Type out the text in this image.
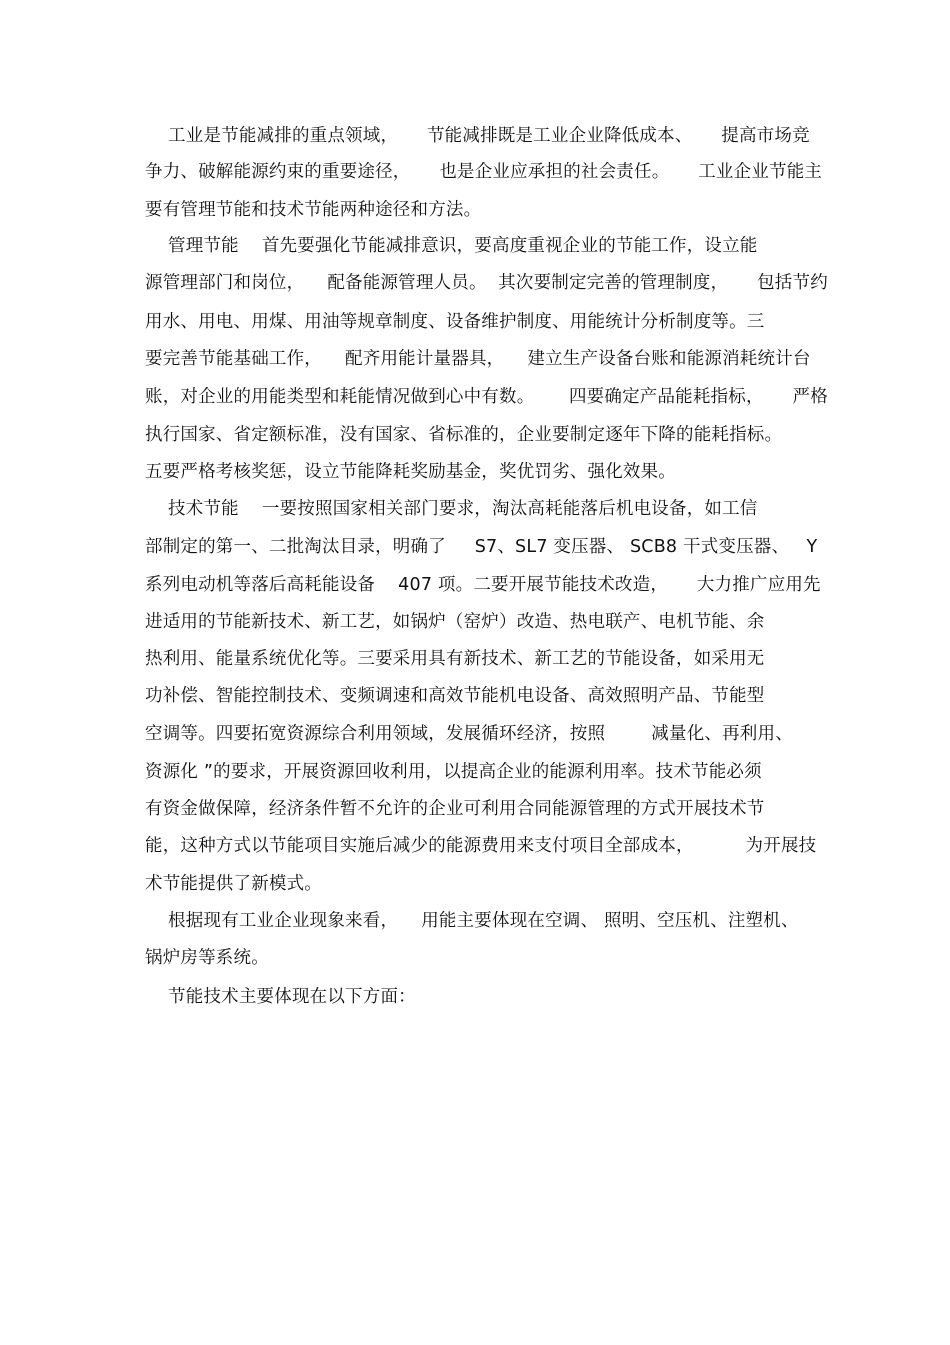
工业是节能减排的重点领域，     节能减排既是工业企业降低成本、     提高市场竞
争力、破解能源约束的重要途径，     也是企业应承担的社会责任。     工业企业节能主
要有管理节能和技术节能两种途径和方法。
管理节能    首先要强化节能减排意识，要高度重视企业的节能工作，设立能
源管理部门和岗位，    配备能源管理人员。  其次要制定完善的管理制度，     包括节约
用水、用电、用煤、用油等规章制度、设备维护制度、用能统计分析制度等。三
要完善节能基础工作，    配齐用能计量器具，    建立生产设备台账和能源消耗统计台
账，对企业的用能类型和耗能情况做到心中有数。      四要确定产品能耗指标，     严格
执行国家、省定额标准，没有国家、省标准的，企业要制定逐年下降的能耗指标。
五要严格考核奖惩，设立节能降耗奖励基金，奖优罚劣、强化效果。
技术节能    一要按照国家相关部门要求，淘汰高耗能落后机电设备，如工信
部制定的第一、二批淘汰目录，明确了     S7、SL7 变压器、 SCB8 干式变压器、   Y
系列电动机等落后高耗能设备    407 项。二要开展节能技术改造，     大力推广应用先
进适用的节能新技术、新工艺，如锅炉（窑炉）改造、热电联产、电机节能、余
热利用、能量系统优化等。三要采用具有新技术、新工艺的节能设备，如采用无
功补偿、智能控制技术、变频调速和高效节能机电设备、高效照明产品、节能型
空调等。四要拓宽资源综合利用领域，发展循环经济，按照        减量化、再利用、
资源化 ”的要求，开展资源回收利用，以提高企业的能源利用率。技术节能必须
有资金做保障，经济条件暂不允许的企业可利用合同能源管理的方式开展技术节
能，这种方式以节能项目实施后减少的能源费用来支付项目全部成本，         为开展技
术节能提供了新模式。
根据现有工业企业现象来看，    用能主要体现在空调、 照明、空压机、注塑机、
锅炉房等系统。
节能技术主要体现在以下方面：
